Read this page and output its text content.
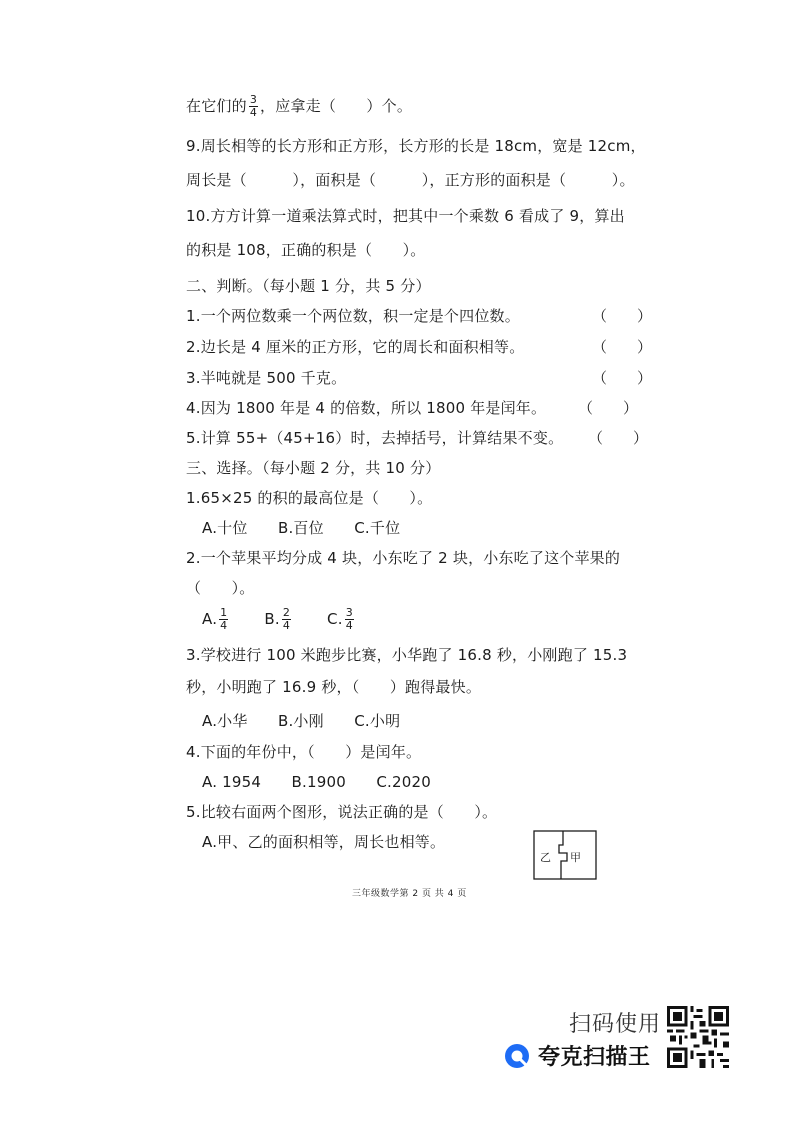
在它们的 $\frac{3}{4}$ ，应拿走（　　）个。
9.周长相等的长方形和正方形，长方形的长是 18cm，宽是 12cm，
周长是（　　　），面积是（　　　），正方形的面积是（　　　）。
10.方方计算一道乘法算式时，把其中一个乘数 6 看成了 9，算出
的积是 108，正确的积是（　　）。
二、判断。（每小题 1 分，共 5 分）
1.一个两位数乘一个两位数，积一定是个四位数。	（　　）
2.边长是 4 厘米的正方形，它的周长和面积相等。	（　　）
3.半吨就是 500 千克。	（　　）
4.因为 1800 年是 4 的倍数，所以 1800 年是闰年。 （　　）
5.计算 55+（45+16）时，去掉括号，计算结果不变。 （　　）
三、选择。（每小题 2 分，共 10 分）
1.65×25 的积的最高位是（　　）。
A.十位　　B.百位　　C.千位
2.一个苹果平均分成 4 块，小东吃了 2 块，小东吃了这个苹果的
（　　）。
A. $\frac{1}{4} B$. $\frac{2}{4} C$. $\frac{3}{4}$
3.学校进行 100 米跑步比赛，小华跑了 16.8 秒，小刚跑了 15.3
秒，小明跑了 16.9 秒，（　　）跑得最快。
A.小华　　B.小刚　　C.小明
4.下面的年份中，（　　）是闰年。
A. 1954　　B.1900　　C.2020
5.比较右面两个图形，说法正确的是（　　）。
A.甲、乙的面积相等，周长也相等。
乙 甲
三年级数学第 2 页 共 4 页
扫码使用
夸克扫描王
